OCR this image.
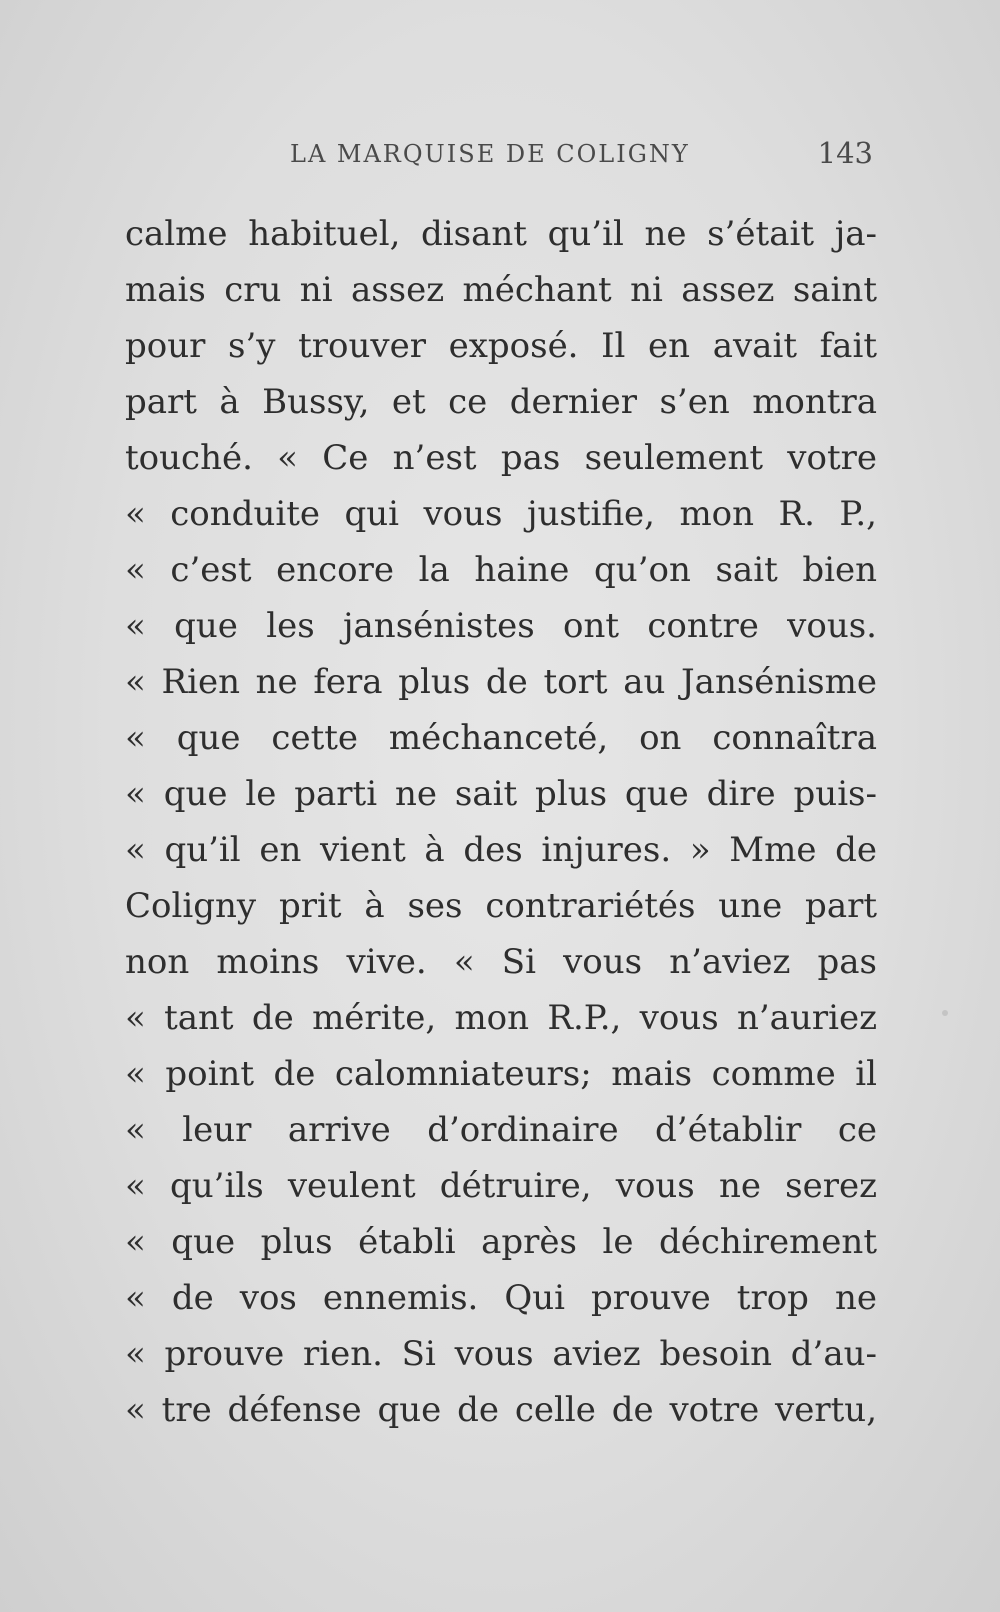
LA MARQUISE DE COLIGNY	143
calme habituel, disant qu’il ne s’était ja-
mais cru ni assez méchant ni assez saint
pour s’y trouver exposé. Il en avait fait
part à Bussy, et ce dernier s’en montra
touché. « Ce n’est pas seulement votre
« conduite qui vous justifie, mon R. P.,
« c’est encore la haine qu’on sait bien
« que les jansénistes ont contre vous.
« Rien ne fera plus de tort au Jansénisme
« que cette méchanceté, on connaîtra
« que le parti ne sait plus que dire puis-
« qu’il en vient à des injures. » Mme de
Coligny prit à ses contrariétés une part
non moins vive. « Si vous n’aviez pas
« tant de mérite, mon R.P., vous n’auriez
« point de calomniateurs; mais comme il
« leur arrive d’ordinaire d’établir ce
« qu’ils veulent détruire, vous ne serez
« que plus établi après le déchirement
« de vos ennemis. Qui prouve trop ne
« prouve rien. Si vous aviez besoin d’au-
« tre défense que de celle de votre vertu,
